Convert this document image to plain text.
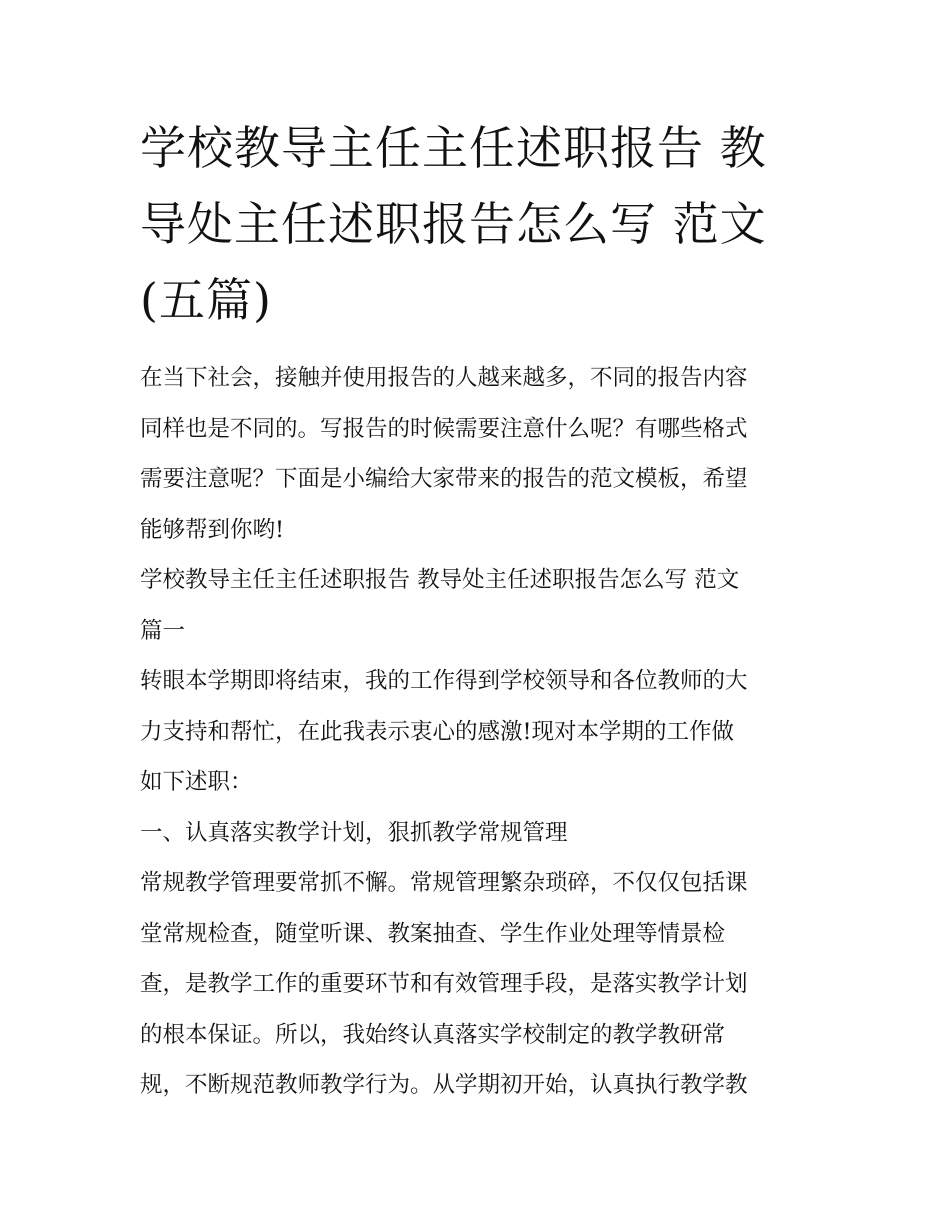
学校教导主任主任述职报告 教
导处主任述职报告怎么写 范文
(五篇)
在当下社会，接触并使用报告的人越来越多，不同的报告内容
同样也是不同的。写报告的时候需要注意什么呢？有哪些格式
需要注意呢？下面是小编给大家带来的报告的范文模板，希望
能够帮到你哟!
学校教导主任主任述职报告 教导处主任述职报告怎么写 范文
篇一
转眼本学期即将结束，我的工作得到学校领导和各位教师的大
力支持和帮忙，在此我表示衷心的感激!现对本学期的工作做
如下述职：
一、认真落实教学计划，狠抓教学常规管理
常规教学管理要常抓不懈。常规管理繁杂琐碎，不仅仅包括课
堂常规检查，随堂听课、教案抽查、学生作业处理等情景检
查，是教学工作的重要环节和有效管理手段，是落实教学计划
的根本保证。所以，我始终认真落实学校制定的教学教研常
规，不断规范教师教学行为。从学期初开始，认真执行教学教
